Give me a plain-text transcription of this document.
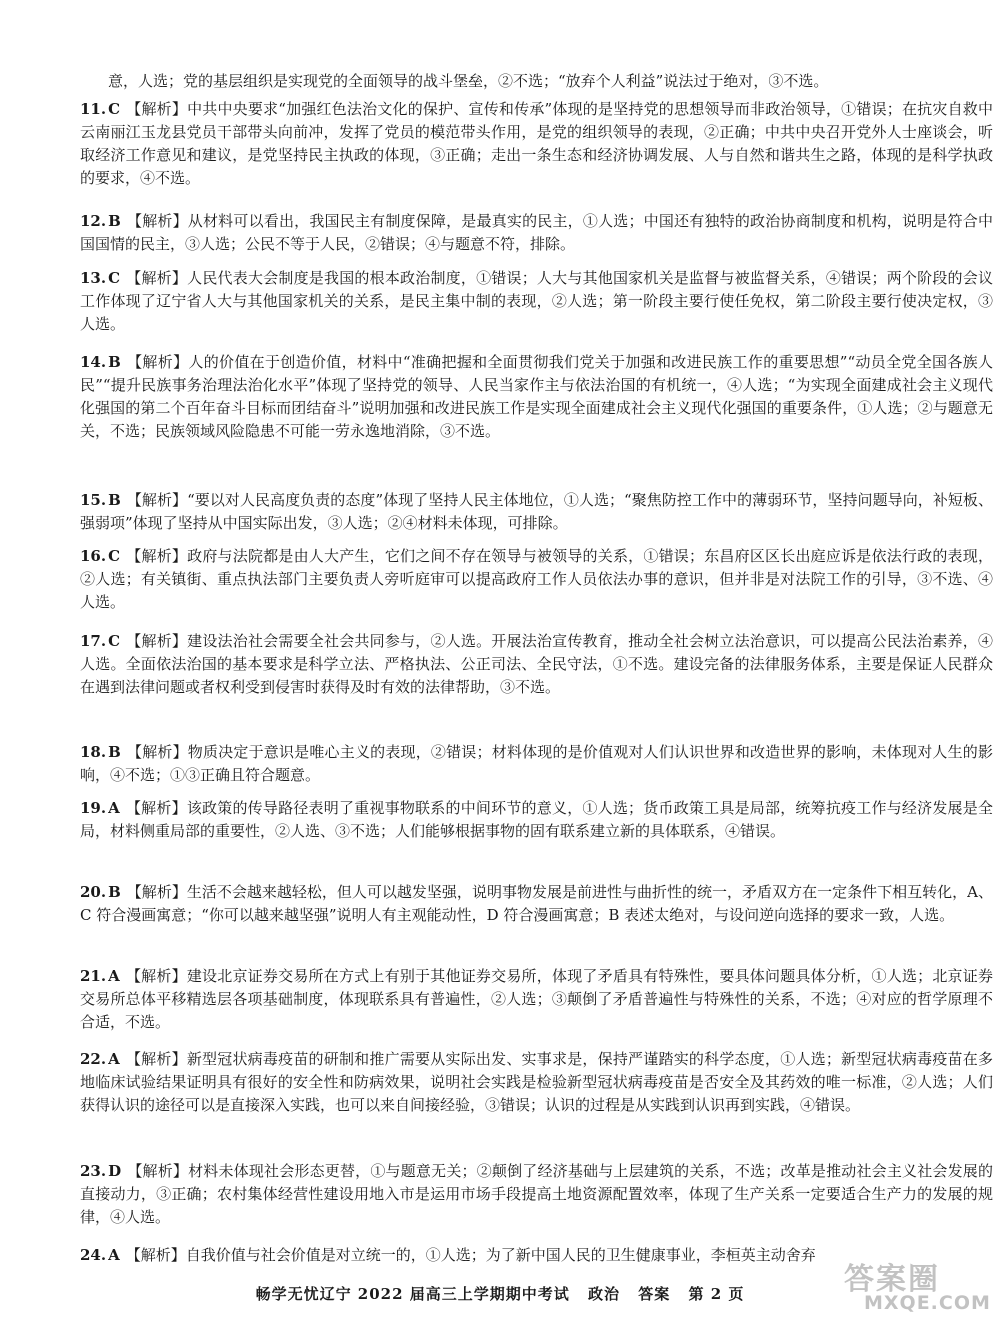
意，人选；党的基层组织是实现党的全面领导的战斗堡垒，②不选；“放弃个人利益”说法过于绝对，③不选。

11. C 【解析】中共中央要求“加强红色法治文化的保护、宣传和传承”体现的是坚持党的思想领导而非政治领导，①错误；在抗灾自救中云南丽江玉龙县党员干部带头向前冲，发挥了党员的模范带头作用，是党的组织领导的表现，②正确；中共中央召开党外人士座谈会，听取经济工作意见和建议，是党坚持民主执政的体现，③正确；走出一条生态和经济协调发展、人与自然和谐共生之路，体现的是科学执政的要求，④不选。
12. B 【解析】从材料可以看出，我国民主有制度保障，是最真实的民主，①人选；中国还有独特的政治协商制度和机构，说明是符合中国国情的民主，③人选；公民不等于人民，②错误；④与题意不符，排除。
13. C 【解析】人民代表大会制度是我国的根本政治制度，①错误；人大与其他国家机关是监督与被监督关系，④错误；两个阶段的会议工作体现了辽宁省人大与其他国家机关的关系，是民主集中制的表现，②人选；第一阶段主要行使任免权，第二阶段主要行使决定权，③人选。
14. B 【解析】人的价值在于创造价值，材料中“准确把握和全面贯彻我们党关于加强和改进民族工作的重要思想”“动员全党全国各族人民”“提升民族事务治理法治化水平”体现了坚持党的领导、人民当家作主与依法治国的有机统一，④人选；“为实现全面建成社会主义现代化强国的第二个百年奋斗目标而团结奋斗”说明加强和改进民族工作是实现全面建成社会主义现代化强国的重要条件，①人选；②与题意无关，不选；民族领域风险隐患不可能一劳永逸地消除，③不选。
15. B 【解析】“要以对人民高度负责的态度”体现了坚持人民主体地位，①人选；“聚焦防控工作中的薄弱环节，坚持问题导向，补短板、强弱项”体现了坚持从中国实际出发，③人选；②④材料未体现，可排除。
16. C 【解析】政府与法院都是由人大产生，它们之间不存在领导与被领导的关系，①错误；东昌府区区长出庭应诉是依法行政的表现，②人选；有关镇街、重点执法部门主要负责人旁听庭审可以提高政府工作人员依法办事的意识，但并非是对法院工作的引导，③不选、④人选。
17. C 【解析】建设法治社会需要全社会共同参与，②人选。开展法治宣传教育，推动全社会树立法治意识，可以提高公民法治素养，④人选。全面依法治国的基本要求是科学立法、严格执法、公正司法、全民守法，①不选。建设完备的法律服务体系，主要是保证人民群众在遇到法律问题或者权利受到侵害时获得及时有效的法律帮助，③不选。
18. B 【解析】物质决定于意识是唯心主义的表现，②错误；材料体现的是价值观对人们认识世界和改造世界的影响，未体现对人生的影响，④不选；①③正确且符合题意。
19. A 【解析】该政策的传导路径表明了重视事物联系的中间环节的意义，①人选；货币政策工具是局部，统筹抗疫工作与经济发展是全局，材料侧重局部的重要性，②人选、③不选；人们能够根据事物的固有联系建立新的具体联系，④错误。
20. B 【解析】生活不会越来越轻松，但人可以越发坚强，说明事物发展是前进性与曲折性的统一，矛盾双方在一定条件下相互转化，A、C 符合漫画寓意；“你可以越来越坚强”说明人有主观能动性，D 符合漫画寓意；B 表述太绝对，与设问逆向选择的要求一致，人选。
21. A 【解析】建设北京证券交易所在方式上有别于其他证券交易所，体现了矛盾具有特殊性，要具体问题具体分析，①人选；北京证券交易所总体平移精选层各项基础制度，体现联系具有普遍性，②人选；③颠倒了矛盾普遍性与特殊性的关系，不选；④对应的哲学原理不合适，不选。
22. A 【解析】新型冠状病毒疫苗的研制和推广需要从实际出发、实事求是，保持严谨踏实的科学态度，①人选；新型冠状病毒疫苗在多地临床试验结果证明具有很好的安全性和防病效果，说明社会实践是检验新型冠状病毒疫苗是否安全及其药效的唯一标准，②人选；人们获得认识的途径可以是直接深入实践，也可以来自间接经验，③错误；认识的过程是从实践到认识再到实践，④错误。
23. D 【解析】材料未体现社会形态更替，①与题意无关；②颠倒了经济基础与上层建筑的关系，不选；改革是推动社会主义社会发展的直接动力，③正确；农村集体经营性建设用地入市是运用市场手段提高土地资源配置效率，体现了生产关系一定要适合生产力的发展的规律，④人选。
24. A 【解析】自我价值与社会价值是对立统一的，①人选；为了新中国人民的卫生健康事业，李桓英主动舍弃
畅学无忧辽宁 2022 届高三上学期期中考试 政治 答案 第 2 页	答案圈
MXQE.COM
